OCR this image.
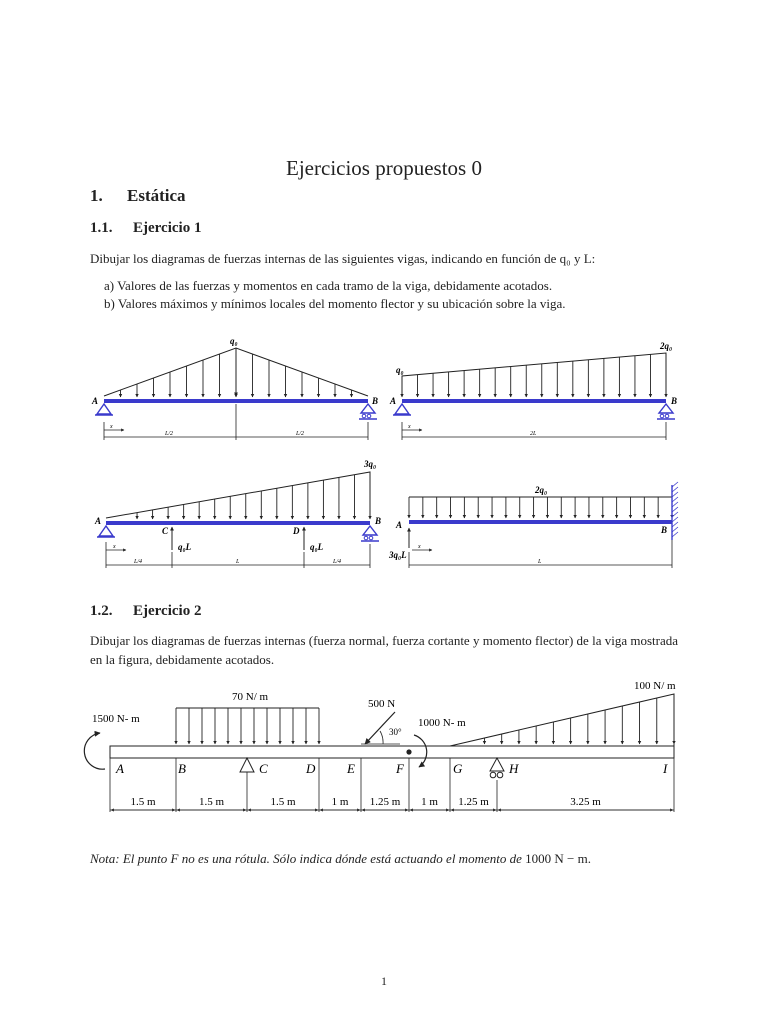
Ejercicios propuestos 0
1. Estática
1.1. Ejercicio 1
Dibujar los diagramas de fuerzas internas de las siguientes vigas, indicando en función de q₀ y L:
a) Valores de las fuerzas y momentos en cada tramo de la viga, debidamente acotados.
b) Valores máximos y mínimos locales del momento flector y su ubicación sobre la viga.
1.2. Ejercicio 2
Dibujar los diagramas de fuerzas internas (fuerza normal, fuerza cortante y momento flector) de la viga mostrada en la figura, debidamente acotados.
Nota: El punto F no es una rótula. Sólo indica dónde está actuando el momento de 1000 N − m.
1
A	B
q₀
x
L/2	L/2
A	B
q₀
2q₀
x
2L
A	B
C	D
3q₀
q₀L	q₀L
x
L/4	L	L/4
A	B
2q₀
3q₀L
x
L
70 N/ m
100 N/ m
1500 N- m
500 N
30°
1000 N- m
A	B	C	D E	F	G	H	I
1.5 m	1.5 m	1.5 m	1 m 1.25 m 1 m 1.25 m	3.25 m
